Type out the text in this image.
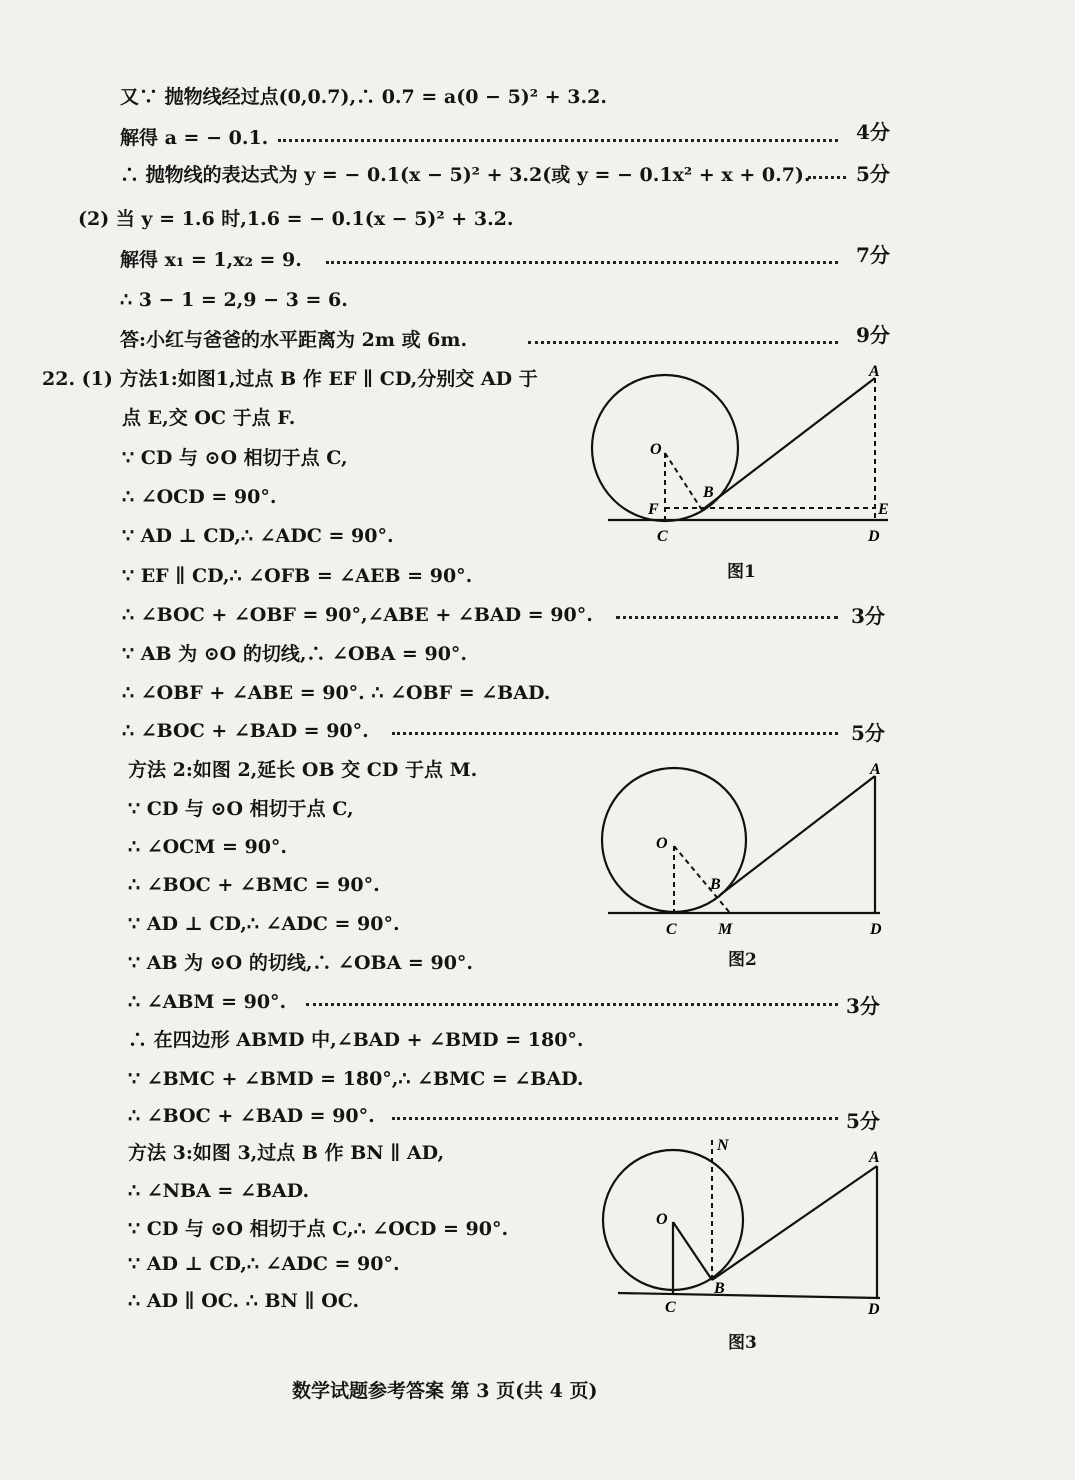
又∵ 抛物线经过点(0,0.7),∴ 0.7 = a(0 − 5)² + 3.2.
解得 a = − 0.1.
∴ 抛物线的表达式为 y = − 0.1(x − 5)² + 3.2(或 y = − 0.1x² + x + 0.7).
(2) 当 y = 1.6 时,1.6 = − 0.1(x − 5)² + 3.2.
解得 x₁ = 1,x₂ = 9.
∴ 3 − 1 = 2,9 − 3 = 6.
答:小红与爸爸的水平距离为 2m 或 6m.
22. (1) 方法1:如图1,过点 B 作 EF ∥ CD,分别交 AD 于
点 E,交 OC 于点 F.
∵ CD 与 ⊙O 相切于点 C,
∴ ∠OCD = 90°.
∵ AD ⊥ CD,∴ ∠ADC = 90°.
∵ EF ∥ CD,∴ ∠OFB = ∠AEB = 90°.
∴ ∠BOC + ∠OBF = 90°,∠ABE + ∠BAD = 90°.
∵ AB 为 ⊙O 的切线,∴ ∠OBA = 90°.
∴ ∠OBF + ∠ABE = 90°. ∴ ∠OBF = ∠BAD.
∴ ∠BOC + ∠BAD = 90°.
方法 2:如图 2,延长 OB 交 CD 于点 M.
∵ CD 与 ⊙O 相切于点 C,
∴ ∠OCM = 90°.
∴ ∠BOC + ∠BMC = 90°.
∵ AD ⊥ CD,∴ ∠ADC = 90°.
∵ AB 为 ⊙O 的切线,∴ ∠OBA = 90°.
∴ ∠ABM = 90°.
∴ 在四边形 ABMD 中,∠BAD + ∠BMD = 180°.
∵ ∠BMC + ∠BMD = 180°,∴ ∠BMC = ∠BAD.
∴ ∠BOC + ∠BAD = 90°.
方法 3:如图 3,过点 B 作 BN ∥ AD,
∴ ∠NBA = ∠BAD.
∵ CD 与 ⊙O 相切于点 C,∴ ∠OCD = 90°.
∵ AD ⊥ CD,∴ ∠ADC = 90°.
∴ AD ∥ OC. ∴ BN ∥ OC.
4分
5分
7分
9分
3分
5分
3分
5分
A
O
B
F	E
C	D
图1
A
O
B
C	M	D
图2
N
A
O
B
C	D
图3
数学试题参考答案 第 3 页(共 4 页)
